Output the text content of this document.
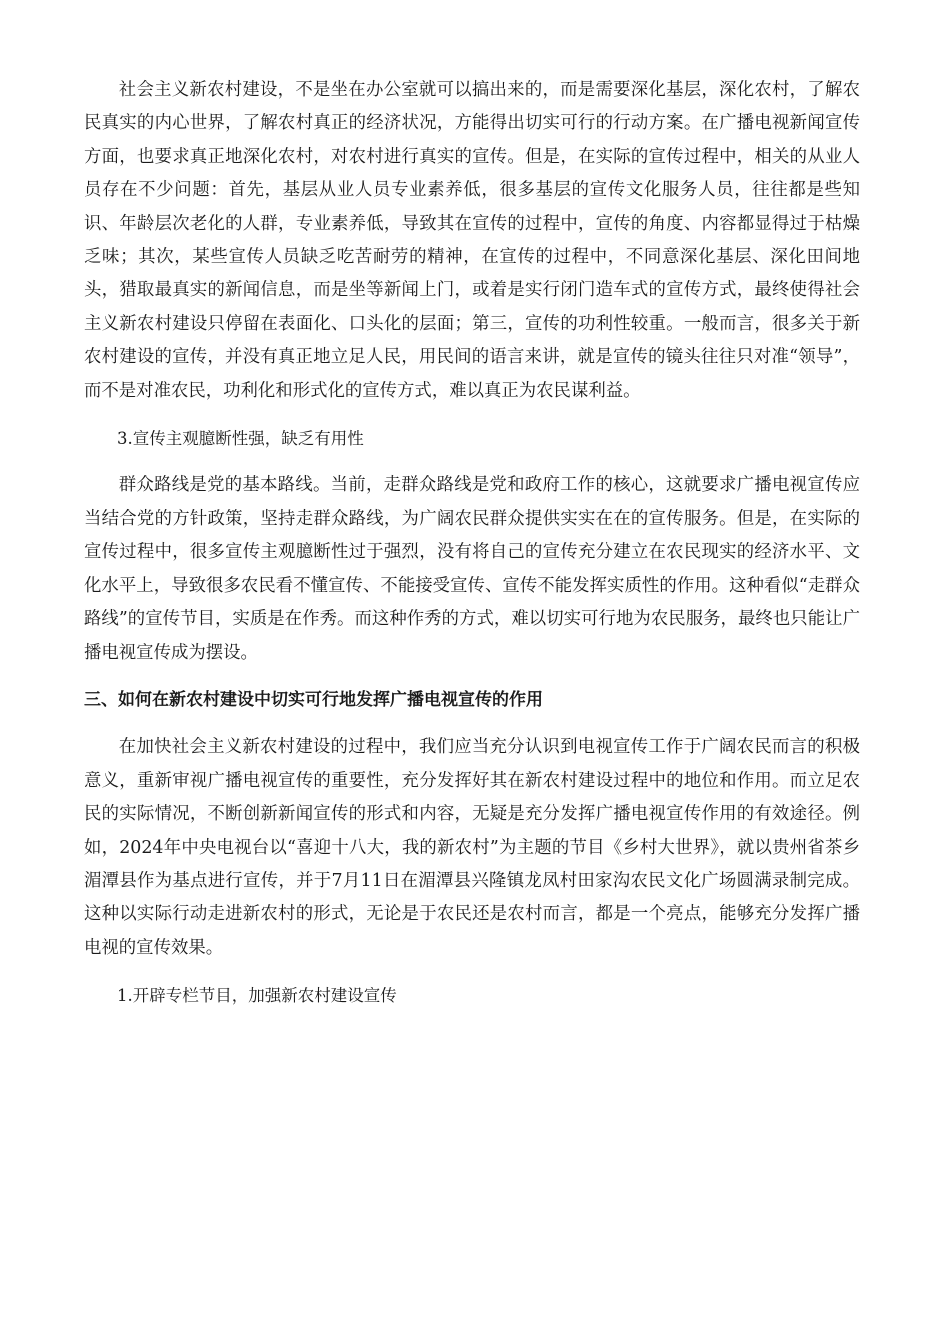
社会主义新农村建设，不是坐在办公室就可以搞出来的，而是需要深化基层，深化农村，了解农民真实的内心世界，了解农村真正的经济状况，方能得出切实可行的行动方案。在广播电视新闻宣传方面，也要求真正地深化农村，对农村进行真实的宣传。但是，在实际的宣传过程中，相关的从业人员存在不少问题：首先，基层从业人员专业素养低，很多基层的宣传文化服务人员，往往都是些知识、年龄层次老化的人群，专业素养低，导致其在宣传的过程中，宣传的角度、内容都显得过于枯燥乏味；其次，某些宣传人员缺乏吃苦耐劳的精神，在宣传的过程中，不同意深化基层、深化田间地头，猎取最真实的新闻信息，而是坐等新闻上门，或着是实行闭门造车式的宣传方式，最终使得社会主义新农村建设只停留在表面化、口头化的层面；第三，宣传的功利性较重。一般而言，很多关于新农村建设的宣传，并没有真正地立足人民，用民间的语言来讲，就是宣传的镜头往往只对准“领导”，而不是对准农民，功利化和形式化的宣传方式，难以真正为农民谋利益。

3.宣传主观臆断性强，缺乏有用性

群众路线是党的基本路线。当前，走群众路线是党和政府工作的核心，这就要求广播电视宣传应当结合党的方针政策，坚持走群众路线，为广阔农民群众提供实实在在的宣传服务。但是，在实际的宣传过程中，很多宣传主观臆断性过于强烈，没有将自己的宣传充分建立在农民现实的经济水平、文化水平上，导致很多农民看不懂宣传、不能接受宣传、宣传不能发挥实质性的作用。这种看似“走群众路线”的宣传节目，实质是在作秀。而这种作秀的方式，难以切实可行地为农民服务，最终也只能让广播电视宣传成为摆设。

三、如何在新农村建设中切实可行地发挥广播电视宣传的作用

在加快社会主义新农村建设的过程中，我们应当充分认识到电视宣传工作于广阔农民而言的积极意义，重新审视广播电视宣传的重要性，充分发挥好其在新农村建设过程中的地位和作用。而立足农民的实际情况，不断创新新闻宣传的形式和内容，无疑是充分发挥广播电视宣传作用的有效途径。例如，2024年中央电视台以“喜迎十八大，我的新农村”为主题的节目《乡村大世界》，就以贵州省茶乡湄潭县作为基点进行宣传，并于7月11日在湄潭县兴隆镇龙凤村田家沟农民文化广场圆满录制完成。这种以实际行动走进新农村的形式，无论是于农民还是农村而言，都是一个亮点，能够充分发挥广播电视的宣传效果。

1.开辟专栏节目，加强新农村建设宣传
